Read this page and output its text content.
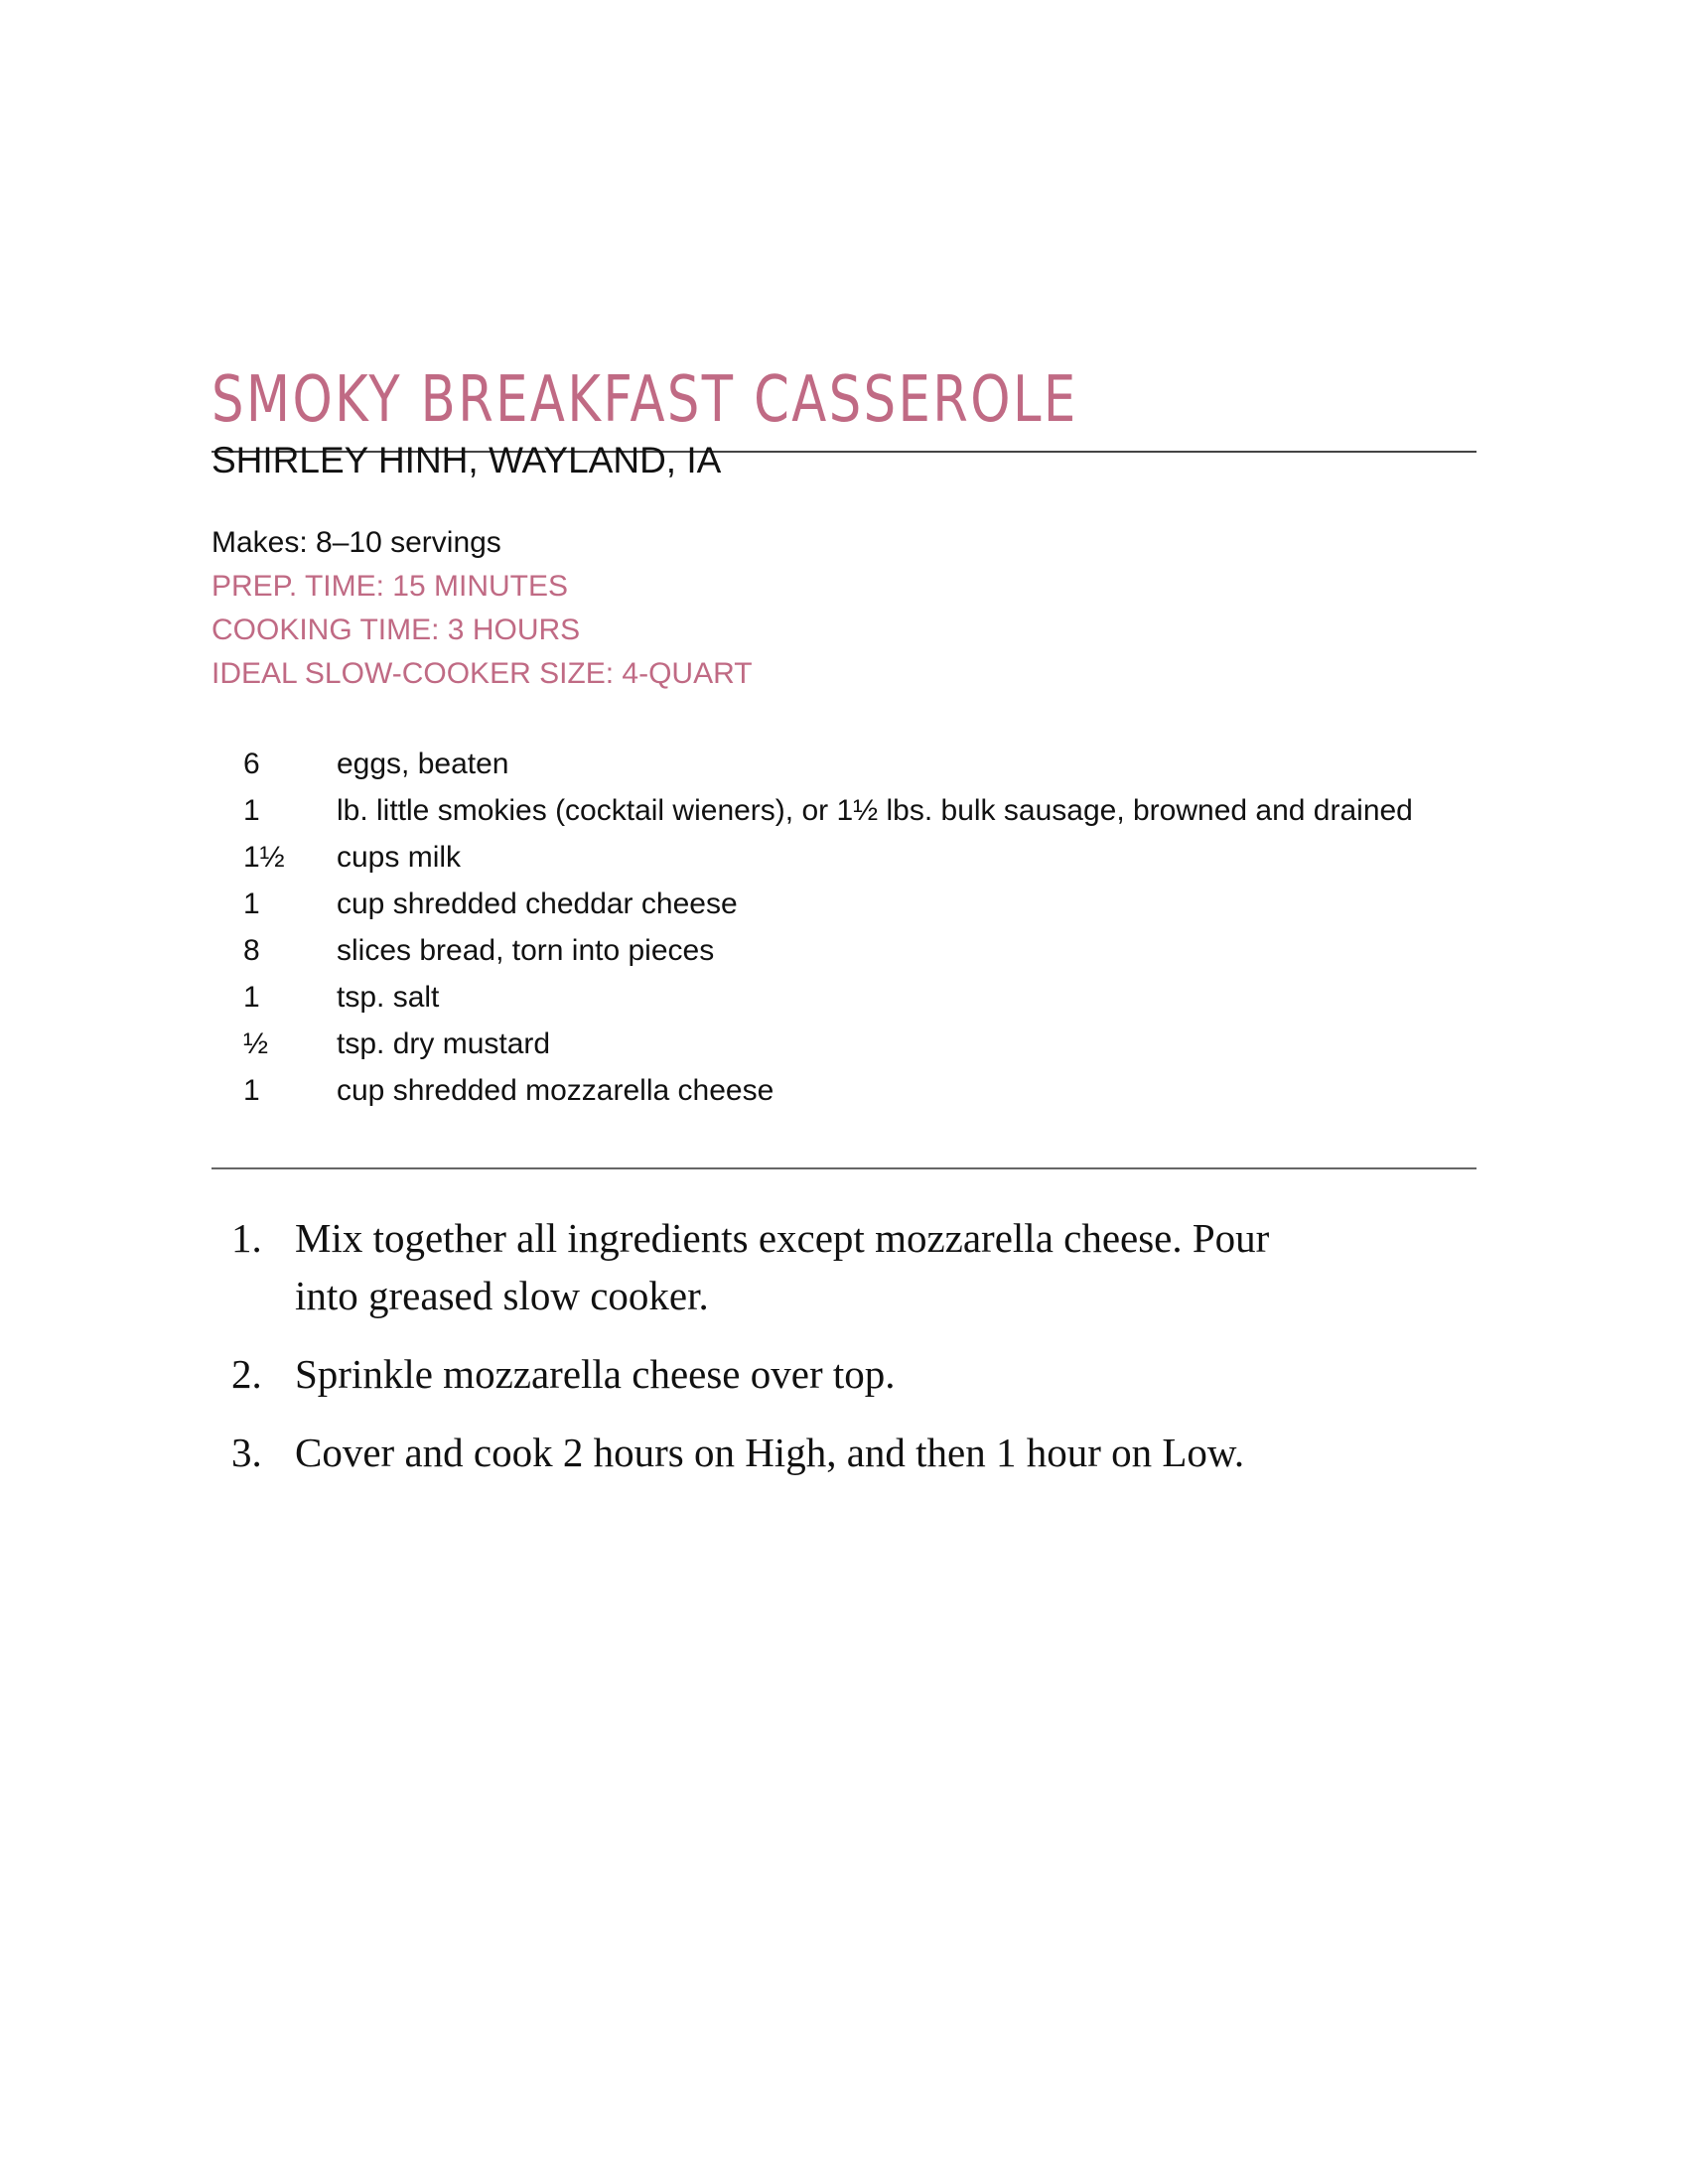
SMOKY BREAKFAST CASSEROLE

SHIRLEY HINH, WAYLAND, IA

Makes: 8–10 servings
PREP. TIME: 15 MINUTES
COOKING TIME: 3 HOURS
IDEAL SLOW-COOKER SIZE: 4-QUART
6	eggs, beaten
1	lb. little smokies (cocktail wieners), or 1½ lbs. bulk sausage, browned and drained
1½	cups milk
1	cup shredded cheddar cheese
8	slices bread, torn into pieces
1	tsp. salt
½	tsp. dry mustard
1	cup shredded mozzarella cheese
1. Mix together all ingredients except mozzarella cheese. Pour into greased slow cooker.
2. Sprinkle mozzarella cheese over top.
3. Cover and cook 2 hours on High, and then 1 hour on Low.
